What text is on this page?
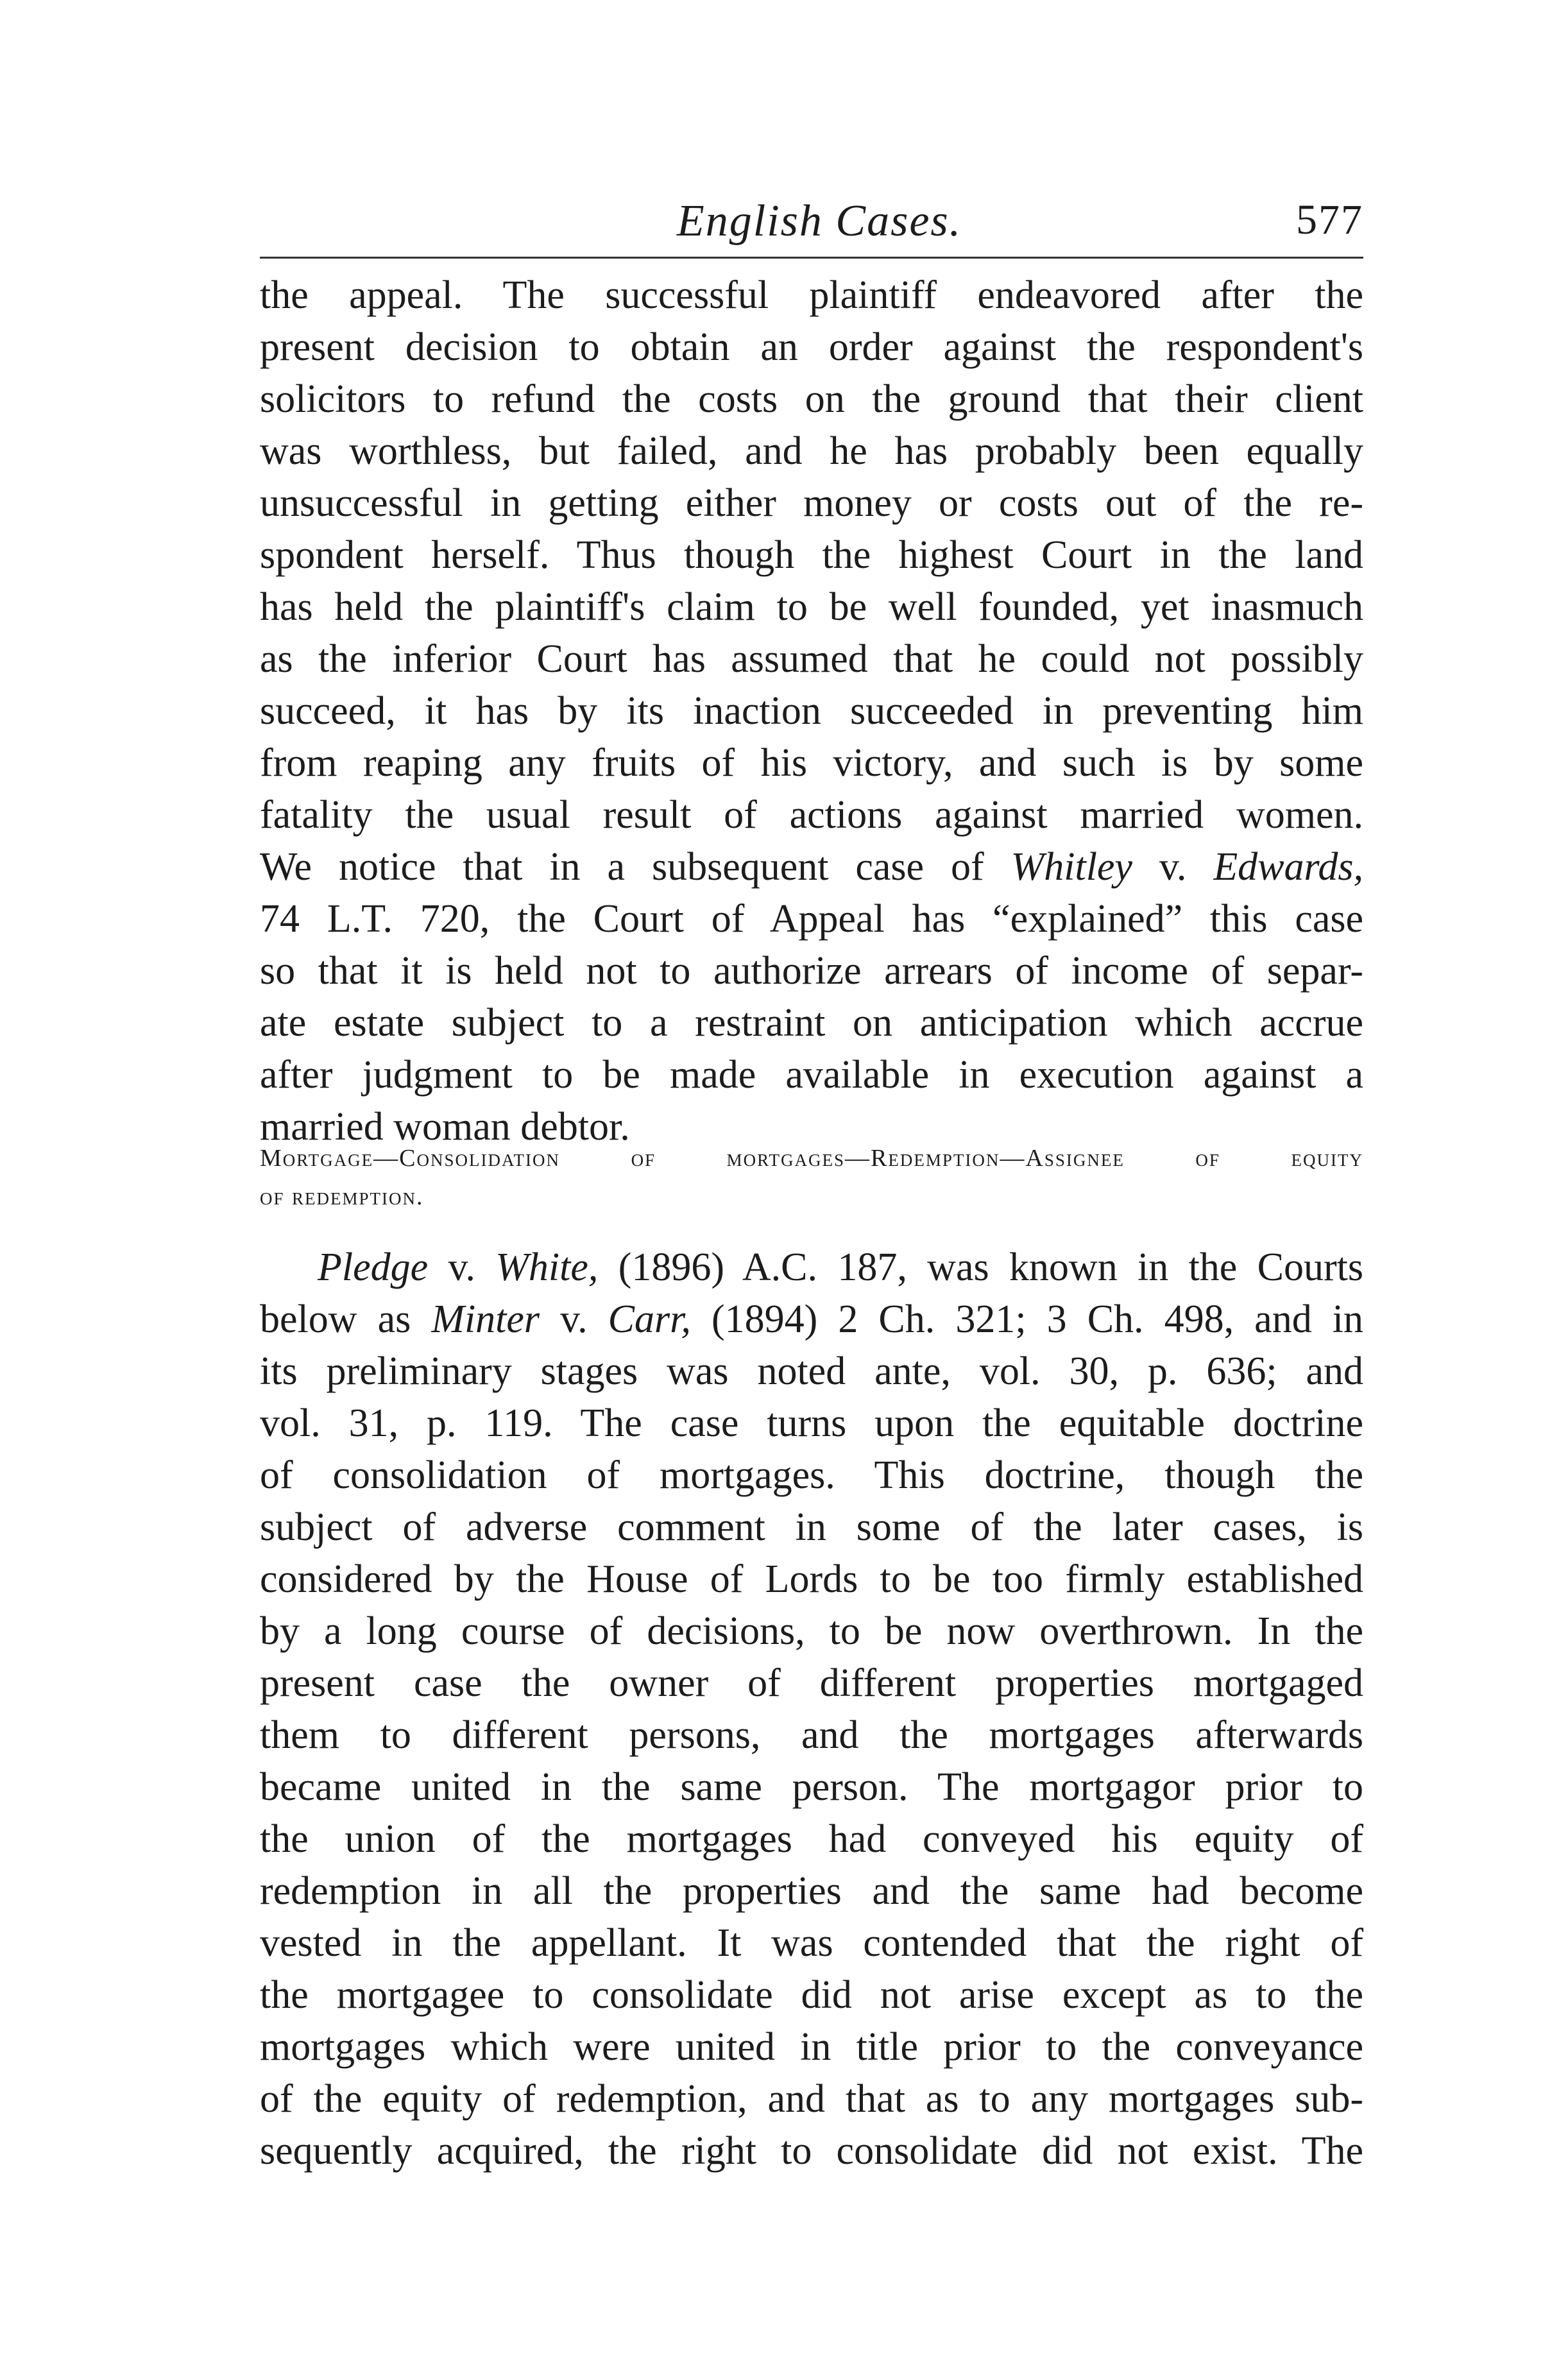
English Cases.	577

the appeal. The successful plaintiff endeavored after the
present decision to obtain an order against the respondent's
solicitors to refund the costs on the ground that their client
was worthless, but failed, and he has probably been equally
unsuccessful in getting either money or costs out of the re-
spondent herself. Thus though the highest Court in the land
has held the plaintiff's claim to be well founded, yet inasmuch
as the inferior Court has assumed that he could not possibly
succeed, it has by its inaction succeeded in preventing him
from reaping any fruits of his victory, and such is by some
fatality the usual result of actions against married women.
We notice that in a subsequent case of Whitley v. Edwards,
74 L.T. 720, the Court of Appeal has “explained” this case
so that it is held not to authorize arrears of income of separ-
ate estate subject to a restraint on anticipation which accrue
after judgment to be made available in execution against a
married woman debtor.

Mortgage—Consolidation of mortgages—Redemption—Assignee of equity
of redemption.

Pledge v. White, (1896) A.C. 187, was known in the Courts
below as Minter v. Carr, (1894) 2 Ch. 321; 3 Ch. 498, and in
its preliminary stages was noted ante, vol. 30, p. 636; and
vol. 31, p. 119. The case turns upon the equitable doctrine
of consolidation of mortgages. This doctrine, though the
subject of adverse comment in some of the later cases, is
considered by the House of Lords to be too firmly established
by a long course of decisions, to be now overthrown. In the
present case the owner of different properties mortgaged
them to different persons, and the mortgages afterwards
became united in the same person. The mortgagor prior to
the union of the mortgages had conveyed his equity of
redemption in all the properties and the same had become
vested in the appellant. It was contended that the right of
the mortgagee to consolidate did not arise except as to the
mortgages which were united in title prior to the conveyance
of the equity of redemption, and that as to any mortgages sub-
sequently acquired, the right to consolidate did not exist. The
